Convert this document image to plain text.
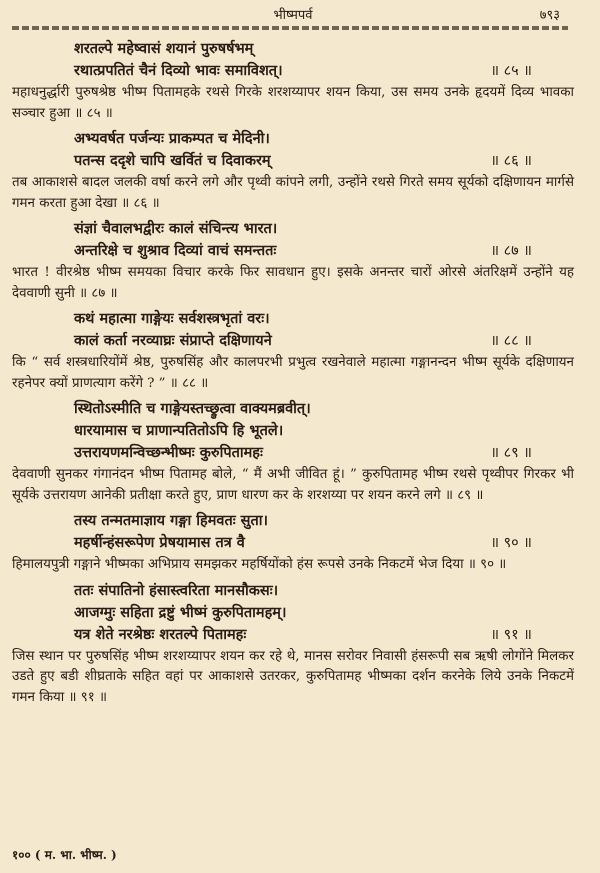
भीष्मपर्व	७९३
शरतल्पे महेष्वासं शयानं पुरुषर्षभम्
रथात्प्रपतितं चैनं दिव्यो भावः समाविशत्।	॥ ८५ ॥
महाधनुर्द्धारी पुरुषश्रेष्ठ भीष्म पितामहके रथसे गिरके शरशय्यापर शयन किया, उस समय उनके हृदयमें दिव्य भावका सञ्चार हुआ ॥ ८५ ॥
अभ्यवर्षत पर्जन्यः प्राकम्पत च मेदिनी।
पतन्स ददृशे चापि खर्वितं च दिवाकरम्	॥ ८६ ॥
तब आकाशसे बादल जलकी वर्षा करने लगे और पृथ्वी कांपने लगी, उन्होंने रथसे गिरते समय सूर्यको दक्षिणायन मार्गसे गमन करता हुआ देखा ॥ ८६ ॥
संज्ञां चैवालभद्वीरः कालं संचिन्त्य भारत।
अन्तरिक्षे च शुश्राव दिव्यां वाचं समन्ततः	॥ ८७ ॥
भारत ! वीरश्रेष्ठ भीष्म समयका विचार करके फिर सावधान हुए। इसके अनन्तर चारों ओरसे अंतरिक्षमें उन्होंने यह देववाणी सुनी ॥ ८७ ॥
कथं महात्मा गाङ्गेयः सर्वशस्त्रभृतां वरः।
कालं कर्ता नरव्याघ्रः संप्राप्ते दक्षिणायने	॥ ८८ ॥
कि “ सर्व शस्त्रधारियोंमें श्रेष्ठ, पुरुषसिंह और कालपरभी प्रभुत्व रखनेवाले महात्मा गङ्गानन्दन भीष्म सूर्यके दक्षिणायन रहनेपर क्यों प्राणत्याग करेंगे ? ” ॥ ८८ ॥
स्थितोऽस्मीति च गाङ्गेयस्तच्छ्रुत्वा वाक्यमब्रवीत्।
धारयामास च प्राणान्पतितोऽपि हि भूतले।
उत्तरायणमन्विच्छन्भीष्मः कुरुपितामहः	॥ ८९ ॥
देववाणी सुनकर गंगानंदन भीष्म पितामह बोले, “ मैं अभी जीवित हूं। ” कुरुपितामह भीष्म रथसे पृथ्वीपर गिरकर भी सूर्यके उत्तरायण आनेकी प्रतीक्षा करते हुए, प्राण धारण कर के शरशय्या पर शयन करने लगे ॥ ८९ ॥
तस्य तन्मतमाज्ञाय गङ्गा हिमवतः सुता।
महर्षीन्हंसरूपेण प्रेषयामास तत्र वै	॥ ९० ॥
हिमालयपुत्री गङ्गाने भीष्मका अभिप्राय समझकर महर्षियोंको हंस रूपसे उनके निकटमें भेज दिया ॥ ९० ॥
ततः संपातिनो हंसास्त्वरिता मानसौकसः।
आजग्मुः सहिता द्रष्टुं भीष्मं कुरुपितामहम्।
यत्र शेते नरश्रेष्ठः शरतल्पे पितामहः	॥ ९१ ॥
जिस स्थान पर पुरुषसिंह भीष्म शरशय्यापर शयन कर रहे थे, मानस सरोवर निवासी हंसरूपी सब ऋषी लोगोंने मिलकर उडते हुए बडी शीघ्रताके सहित वहां पर आकाशसे उतरकर, कुरुपितामह भीष्मका दर्शन करनेके लिये उनके निकटमें गमन किया ॥ ९१ ॥
१०० ( म. भा. भीष्म. )
